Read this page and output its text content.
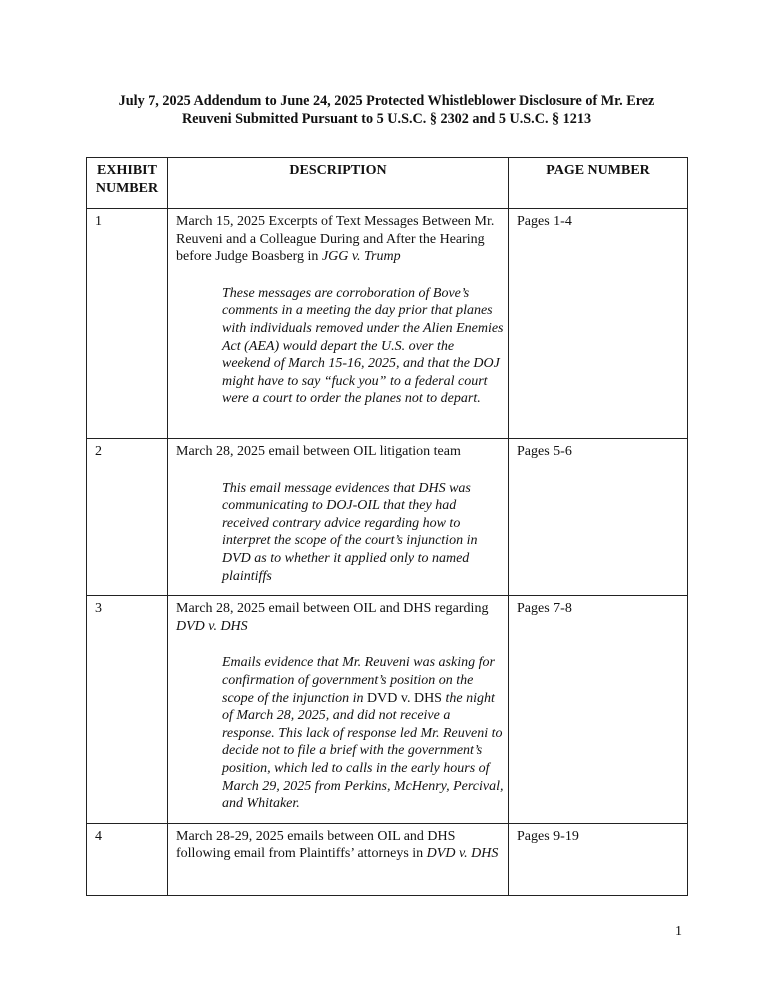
July 7, 2025 Addendum to June 24, 2025 Protected Whistleblower Disclosure of Mr. Erez
Reuveni Submitted Pursuant to 5 U.S.C. § 2302 and 5 U.S.C. § 1213
EXHIBIT
NUMBER	DESCRIPTION	PAGE NUMBER
1	March 15, 2025 Excerpts of Text Messages Between Mr. Reuveni and a Colleague During and After the Hearing before Judge Boasberg in JGG v. Trump
These messages are corroboration of Bove’s comments in a meeting the day prior that planes with individuals removed under the Alien Enemies Act (AEA) would depart the U.S. over the weekend of March 15-16, 2025, and that the DOJ might have to say “fuck you” to a federal court were a court to order the planes not to depart.	Pages 1-4
2	March 28, 2025 email between OIL litigation team
This email message evidences that DHS was communicating to DOJ-OIL that they had received contrary advice regarding how to interpret the scope of the court’s injunction in DVD as to whether it applied only to named plaintiffs	Pages 5-6
3	March 28, 2025 email between OIL and DHS regarding DVD v. DHS
Emails evidence that Mr. Reuveni was asking for confirmation of government’s position on the scope of the injunction in DVD v. DHS the night of March 28, 2025, and did not receive a response. This lack of response led Mr. Reuveni to decide not to file a brief with the government’s position, which led to calls in the early hours of March 29, 2025 from Perkins, McHenry, Percival, and Whitaker.	Pages 7-8
4	March 28-29, 2025 emails between OIL and DHS following email from Plaintiffs’ attorneys in DVD v. DHS	Pages 9-19
1
